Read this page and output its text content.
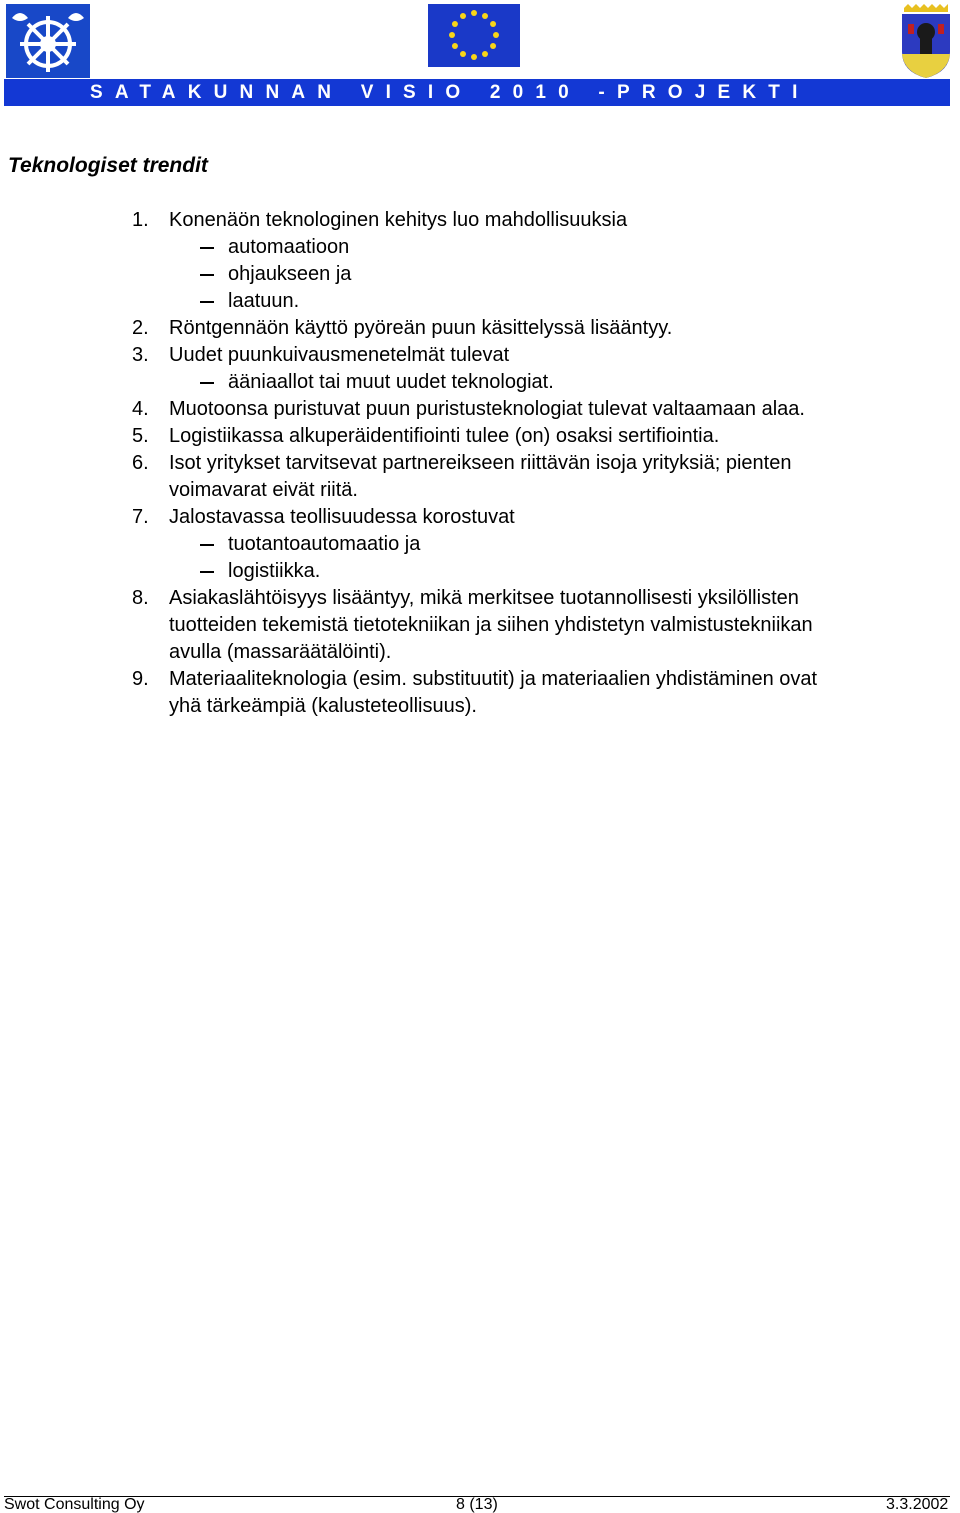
SATAKUNNAN VISIO 2010 -PROJEKTI
Teknologiset trendit
1. Konenäön teknologinen kehitys luo mahdollisuuksia
automaatioon
ohjaukseen ja
laatuun.
2. Röntgennäön käyttö pyöreän puun käsittelyssä lisääntyy.
3. Uudet puunkuivausmenetelmät tulevat
ääniaallot tai muut uudet teknologiat.
4. Muotoonsa puristuvat puun puristusteknologiat tulevat valtaamaan alaa.
5. Logistiikassa alkuperäidentifiointi tulee (on) osaksi sertifiointia.
6. Isot yritykset tarvitsevat partnereikseen riittävän isoja yrityksiä; pienten
voimavarat eivät riitä.
7. Jalostavassa teollisuudessa korostuvat
tuotantoautomaatio ja
logistiikka.
8. Asiakaslähtöisyys lisääntyy, mikä merkitsee tuotannollisesti yksilöllisten
tuotteiden tekemistä tietotekniikan ja siihen yhdistetyn valmistustekniikan
avulla (massaräätälöinti).
9. Materiaaliteknologia (esim. substituutit) ja materiaalien yhdistäminen ovat
yhä tärkeämpiä (kalusteteollisuus).
Swot Consulting Oy	8 (13)	3.3.2002
